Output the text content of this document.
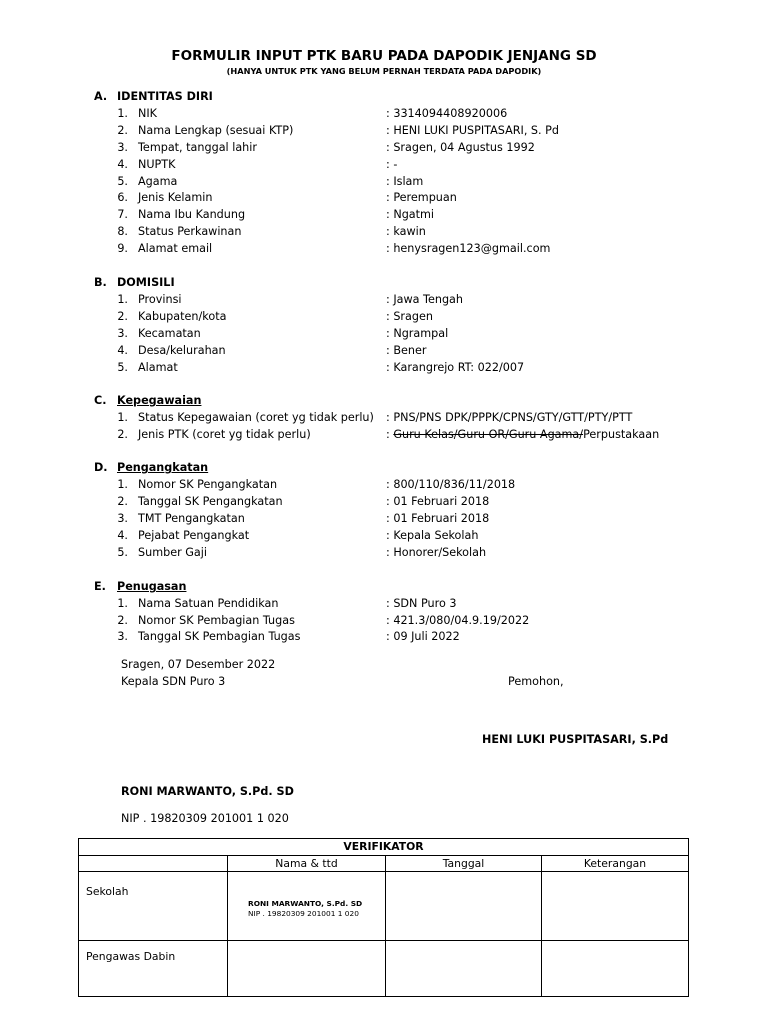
FORMULIR INPUT PTK BARU PADA DAPODIK JENJANG SD
(HANYA UNTUK PTK YANG BELUM PERNAH TERDATA PADA DAPODIK)
A. IDENTITAS DIRI
1. NIK	: 3314094408920006
2. Nama Lengkap (sesuai KTP)	: HENI LUKI PUSPITASARI, S. Pd
3. Tempat, tanggal lahir	: Sragen, 04 Agustus 1992
4. NUPTK	: -
5. Agama	: Islam
6. Jenis Kelamin	: Perempuan
7. Nama Ibu Kandung	: Ngatmi
8. Status Perkawinan	: kawin
9. Alamat email	: henysragen123@gmail.com
B. DOMISILI
1. Provinsi	: Jawa Tengah
2. Kabupaten/kota	: Sragen
3. Kecamatan	: Ngrampal
4. Desa/kelurahan	: Bener
5. Alamat	: Karangrejo RT: 022/007
C. Kepegawaian
1. Status Kepegawaian (coret yg tidak perlu) : PNS/PNS DPK/PPPK/CPNS/GTY/GTT/PTY/PTT
2. Jenis PTK (coret yg tidak perlu)	: Guru Kelas/Guru OR/Guru Agama/Perpustakaan
D. Pengangkatan
1. Nomor SK Pengangkatan	: 800/110/836/11/2018
2. Tanggal SK Pengangkatan	: 01 Februari 2018
3. TMT Pengangkatan	: 01 Februari 2018
4. Pejabat Pengangkat	: Kepala Sekolah
5. Sumber Gaji	: Honorer/Sekolah
E. Penugasan
1. Nama Satuan Pendidikan	: SDN Puro 3
2. Nomor SK Pembagian Tugas	: 421.3/080/04.9.19/2022
3. Tanggal SK Pembagian Tugas	: 09 Juli 2022
Sragen, 07 Desember 2022
Kepala SDN Puro 3	Pemohon,
HENI LUKI PUSPITASARI, S.Pd
RONI MARWANTO, S.Pd. SD
NIP . 19820309 201001 1 020
VERIFIKATOR			
	Nama & ttd	Tanggal	Keterangan
Sekolah	RONI MARWANTO, S.Pd. SD
NIP . 19820309 201001 1 020		

Pengawas Dabin			
